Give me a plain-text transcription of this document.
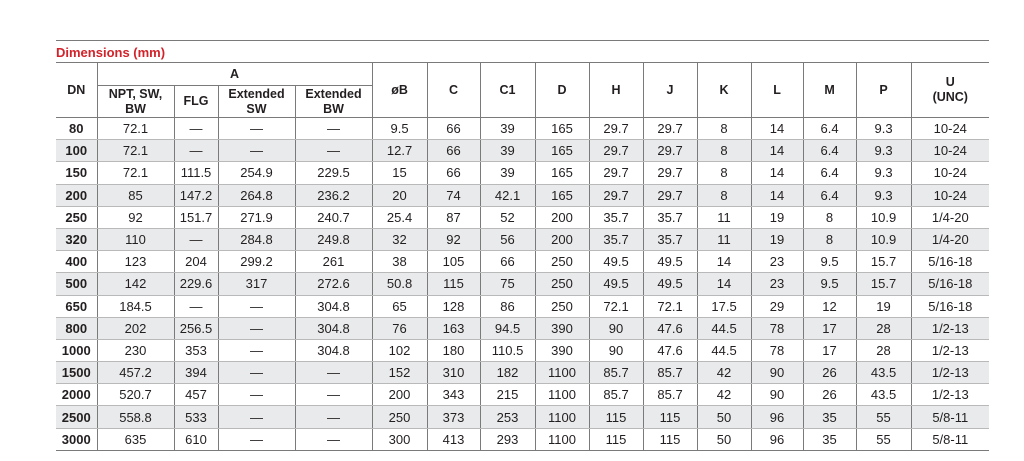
Dimensions (mm)
DN	A				øB	C	C1	D	H	J	K	L	M	P	U (UNC)
	NPT, SW, BW	FLG	Extended SW	Extended BW											
80	72.1	—	—	—	9.5	66	39	165	29.7	29.7	8	14	6.4	9.3	10-24
100	72.1	—	—	—	12.7	66	39	165	29.7	29.7	8	14	6.4	9.3	10-24
150	72.1	111.5	254.9	229.5	15	66	39	165	29.7	29.7	8	14	6.4	9.3	10-24
200	85	147.2	264.8	236.2	20	74	42.1	165	29.7	29.7	8	14	6.4	9.3	10-24
250	92	151.7	271.9	240.7	25.4	87	52	200	35.7	35.7	11	19	8	10.9	1/4-20
320	110	—	284.8	249.8	32	92	56	200	35.7	35.7	11	19	8	10.9	1/4-20
400	123	204	299.2	261	38	105	66	250	49.5	49.5	14	23	9.5	15.7	5/16-18
500	142	229.6	317	272.6	50.8	115	75	250	49.5	49.5	14	23	9.5	15.7	5/16-18
650	184.5	—	—	304.8	65	128	86	250	72.1	72.1	17.5	29	12	19	5/16-18
800	202	256.5	—	304.8	76	163	94.5	390	90	47.6	44.5	78	17	28	1/2-13
1000	230	353	—	304.8	102	180	110.5	390	90	47.6	44.5	78	17	28	1/2-13
1500	457.2	394	—	—	152	310	182	1100	85.7	85.7	42	90	26	43.5	1/2-13
2000	520.7	457	—	—	200	343	215	1100	85.7	85.7	42	90	26	43.5	1/2-13
2500	558.8	533	—	—	250	373	253	1100	115	115	50	96	35	55	5/8-11
3000	635	610	—	—	300	413	293	1100	115	115	50	96	35	55	5/8-11
